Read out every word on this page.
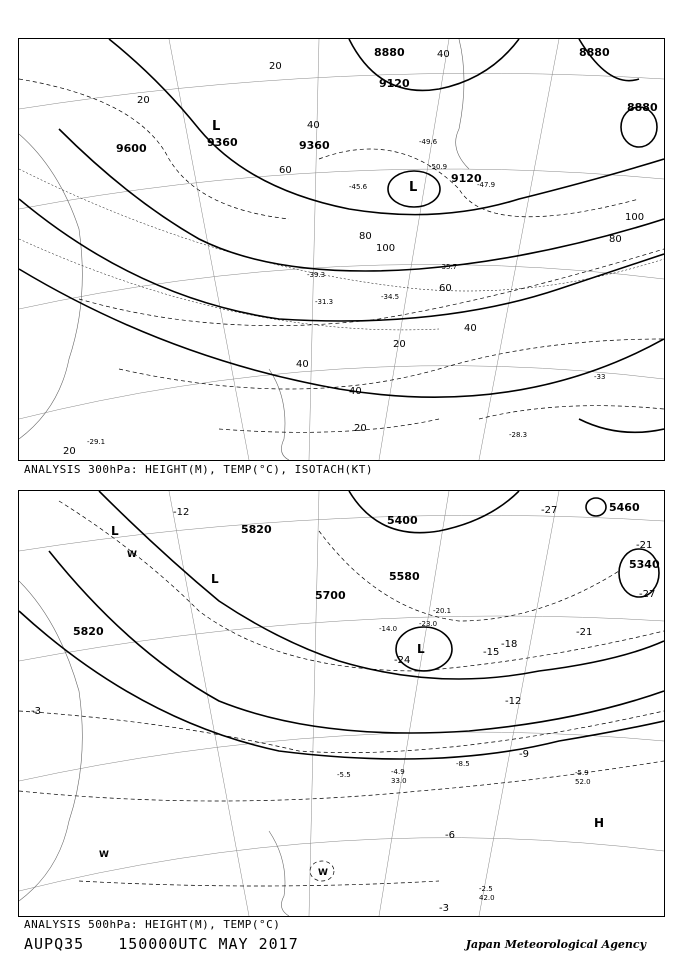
8880	8880
8880
9120
9120
9360	9360
9600
20
20
20
20
20
40
40
40
40
40
60
60
80	80
100
100
L
L
-28.3
-34.5
-35.7
-31.3
-39.3
-49.6
-50.9
-47.9
-45.6
-29.1
-33
ANALYSIS 300hPa: HEIGHT(M), TEMP(°C), ISOTACH(KT)
5340
5400
5460
5580
5700
5820
5820
-3
-3
-6
-9
-12
-12
-15
-18
-21
-21
-24
-27
-27
L
L
L
H
W
W
W
-8.5
-5.9
-2.5
-4.9
-5.5
-23.0
-20.1
-14.0
52.0
42.0
33.0
ANALYSIS 500hPa: HEIGHT(M), TEMP(°C)
AUPQ35 150000UTC MAY 2017	Japan Meteorological Agency
